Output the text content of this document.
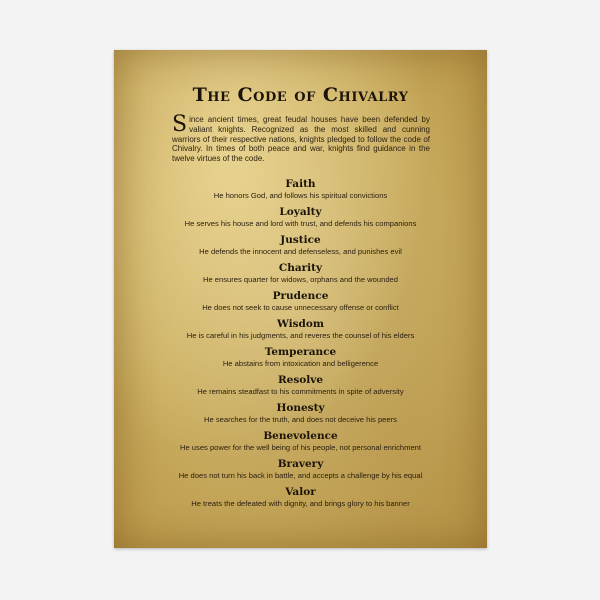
The Code of Chivalry
Since ancient times, great feudal houses have been defended by valiant knights. Recognized as the most skilled and cunning warriors of their respective nations, knights pledged to follow the code of Chivalry. In times of both peace and war, knights find guidance in the twelve virtues of the code.
Faith
He honors God, and follows his spiritual convictions
Loyalty
He serves his house and lord with trust, and defends his companions
Justice
He defends the innocent and defenseless, and punishes evil
Charity
He ensures quarter for widows, orphans and the wounded
Prudence
He does not seek to cause unnecessary offense or conflict
Wisdom
He is careful in his judgments, and reveres the counsel of his elders
Temperance
He abstains from intoxication and belligerence
Resolve
He remains steadfast to his commitments in spite of adversity
Honesty
He searches for the truth, and does not deceive his peers
Benevolence
He uses power for the well being of his people, not personal enrichment
Bravery
He does not turn his back in battle, and accepts a challenge by his equal
Valor
He treats the defeated with dignity, and brings glory to his banner
